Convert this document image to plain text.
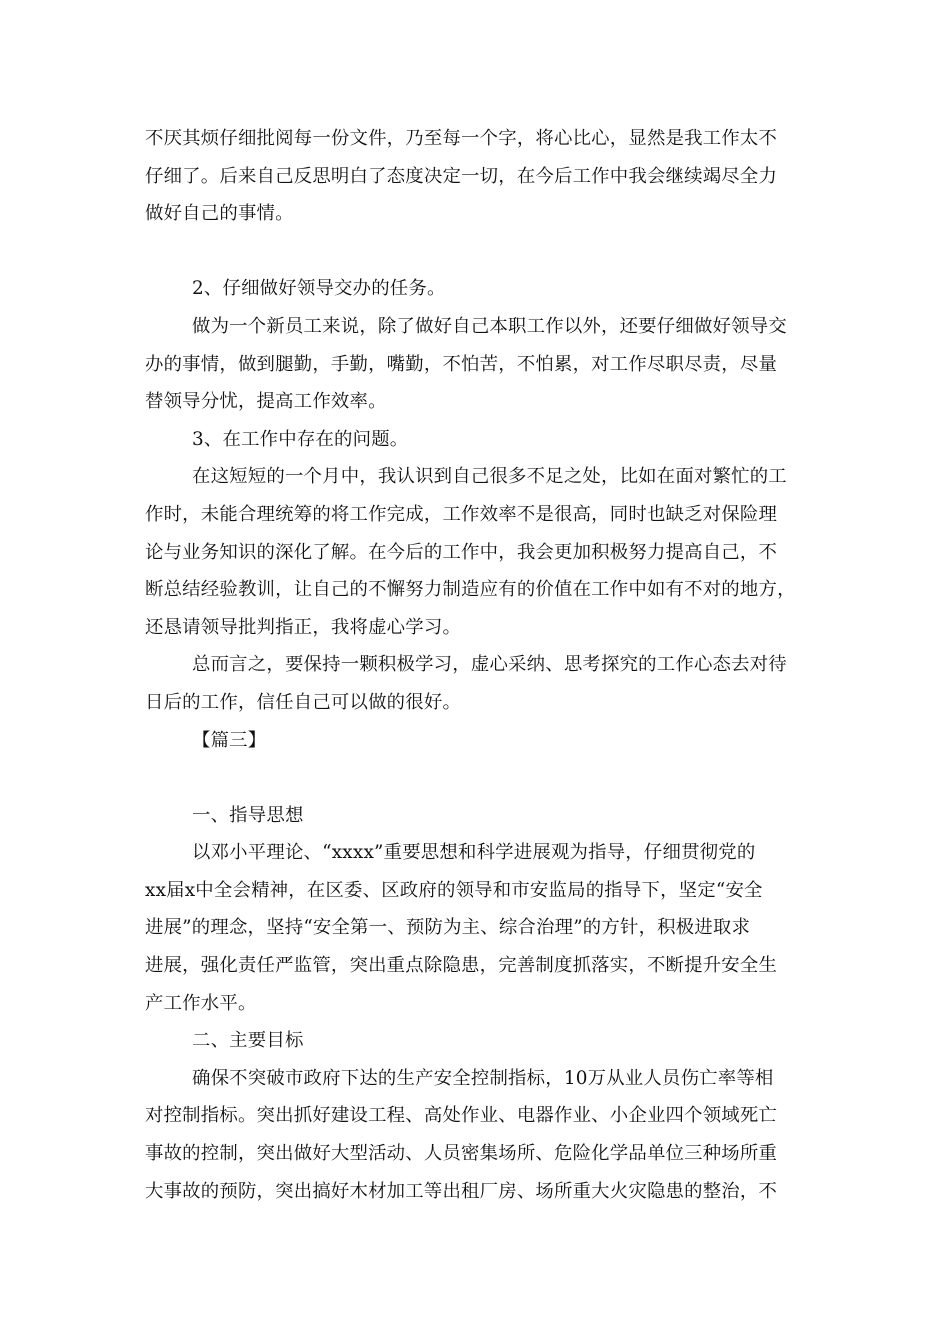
不厌其烦仔细批阅每一份文件，乃至每一个字，将心比心，显然是我工作太不
仔细了。后来自己反思明白了态度决定一切，在今后工作中我会继续竭尽全力
做好自己的事情。
2、仔细做好领导交办的任务。
做为一个新员工来说，除了做好自己本职工作以外，还要仔细做好领导交
办的事情，做到腿勤，手勤，嘴勤，不怕苦，不怕累，对工作尽职尽责，尽量
替领导分忧，提高工作效率。
3、在工作中存在的问题。
在这短短的一个月中，我认识到自己很多不足之处，比如在面对繁忙的工
作时，未能合理统筹的将工作完成，工作效率不是很高，同时也缺乏对保险理
论与业务知识的深化了解。在今后的工作中，我会更加积极努力提高自己，不
断总结经验教训，让自己的不懈努力制造应有的价值在工作中如有不对的地方，
还恳请领导批判指正，我将虚心学习。
总而言之，要保持一颗积极学习，虚心采纳、思考探究的工作心态去对待
日后的工作，信任自己可以做的很好。
【篇三】
一、指导思想
以邓小平理论、“xxxx”重要思想和科学进展观为指导，仔细贯彻党的
xx届x中全会精神，在区委、区政府的领导和市安监局的指导下，坚定“安全
进展”的理念，坚持“安全第一、预防为主、综合治理”的方针，积极进取求
进展，强化责任严监管，突出重点除隐患，完善制度抓落实，不断提升安全生
产工作水平。
二、主要目标
确保不突破市政府下达的生产安全控制指标，10万从业人员伤亡率等相
对控制指标。突出抓好建设工程、高处作业、电器作业、小企业四个领域死亡
事故的控制，突出做好大型活动、人员密集场所、危险化学品单位三种场所重
大事故的预防，突出搞好木材加工等出租厂房、场所重大火灾隐患的整治，不
